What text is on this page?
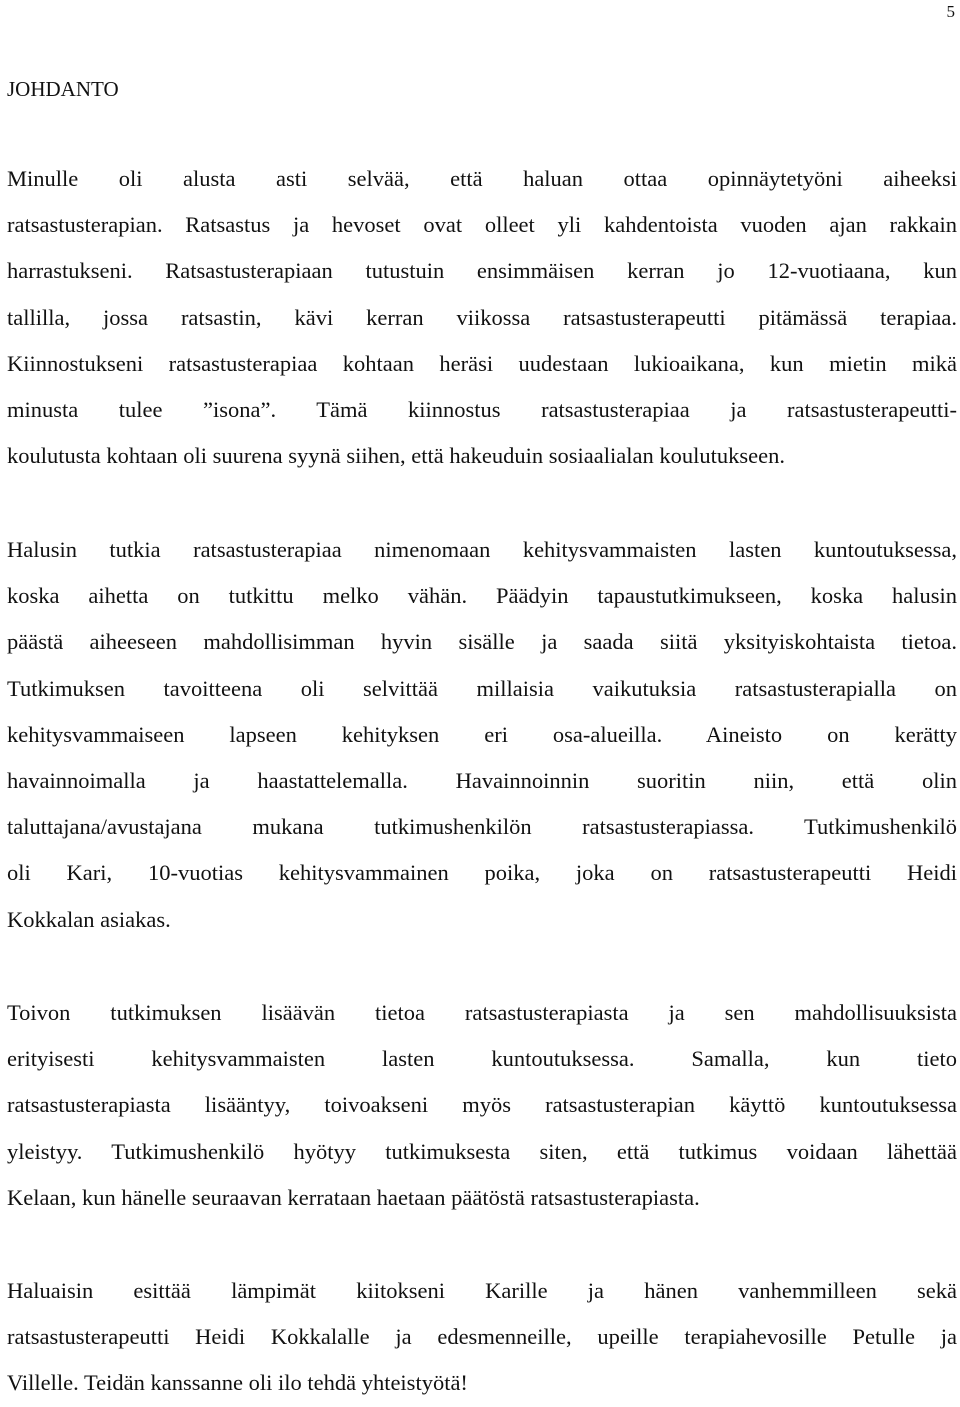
5
JOHDANTO
Minulle oli alusta asti selvää, että haluan ottaa opinnäytetyöni aiheeksi
ratsastusterapian. Ratsastus ja hevoset ovat olleet yli kahdentoista vuoden ajan rakkain
harrastukseni. Ratsastusterapiaan tutustuin ensimmäisen kerran jo 12-vuotiaana, kun
tallilla, jossa ratsastin, kävi kerran viikossa ratsastusterapeutti pitämässä terapiaa.
Kiinnostukseni ratsastusterapiaa kohtaan heräsi uudestaan lukioaikana, kun mietin mikä
minusta tulee ”isona”. Tämä kiinnostus ratsastusterapiaa ja ratsastusterapeutti-
koulutusta kohtaan oli suurena syynä siihen, että hakeuduin sosiaalialan koulutukseen.
Halusin tutkia ratsastusterapiaa nimenomaan kehitysvammaisten lasten kuntoutuksessa,
koska aihetta on tutkittu melko vähän. Päädyin tapaustutkimukseen, koska halusin
päästä aiheeseen mahdollisimman hyvin sisälle ja saada siitä yksityiskohtaista tietoa.
Tutkimuksen tavoitteena oli selvittää millaisia vaikutuksia ratsastusterapialla on
kehitysvammaiseen lapseen kehityksen eri osa-alueilla. Aineisto on kerätty
havainnoimalla ja haastattelemalla. Havainnoinnin suoritin niin, että olin
taluttajana/avustajana mukana tutkimushenkilön ratsastusterapiassa. Tutkimushenkilö
oli Kari, 10-vuotias kehitysvammainen poika, joka on ratsastusterapeutti Heidi
Kokkalan asiakas.
Toivon tutkimuksen lisäävän tietoa ratsastusterapiasta ja sen mahdollisuuksista
erityisesti kehitysvammaisten lasten kuntoutuksessa. Samalla, kun tieto
ratsastusterapiasta lisääntyy, toivoakseni myös ratsastusterapian käyttö kuntoutuksessa
yleistyy. Tutkimushenkilö hyötyy tutkimuksesta siten, että tutkimus voidaan lähettää
Kelaan, kun hänelle seuraavan kerrataan haetaan päätöstä ratsastusterapiasta.
Haluaisin esittää lämpimät kiitokseni Karille ja hänen vanhemmilleen sekä
ratsastusterapeutti Heidi Kokkalalle ja edesmenneille, upeille terapiahevosille Petulle ja
Villelle. Teidän kanssanne oli ilo tehdä yhteistyötä!
